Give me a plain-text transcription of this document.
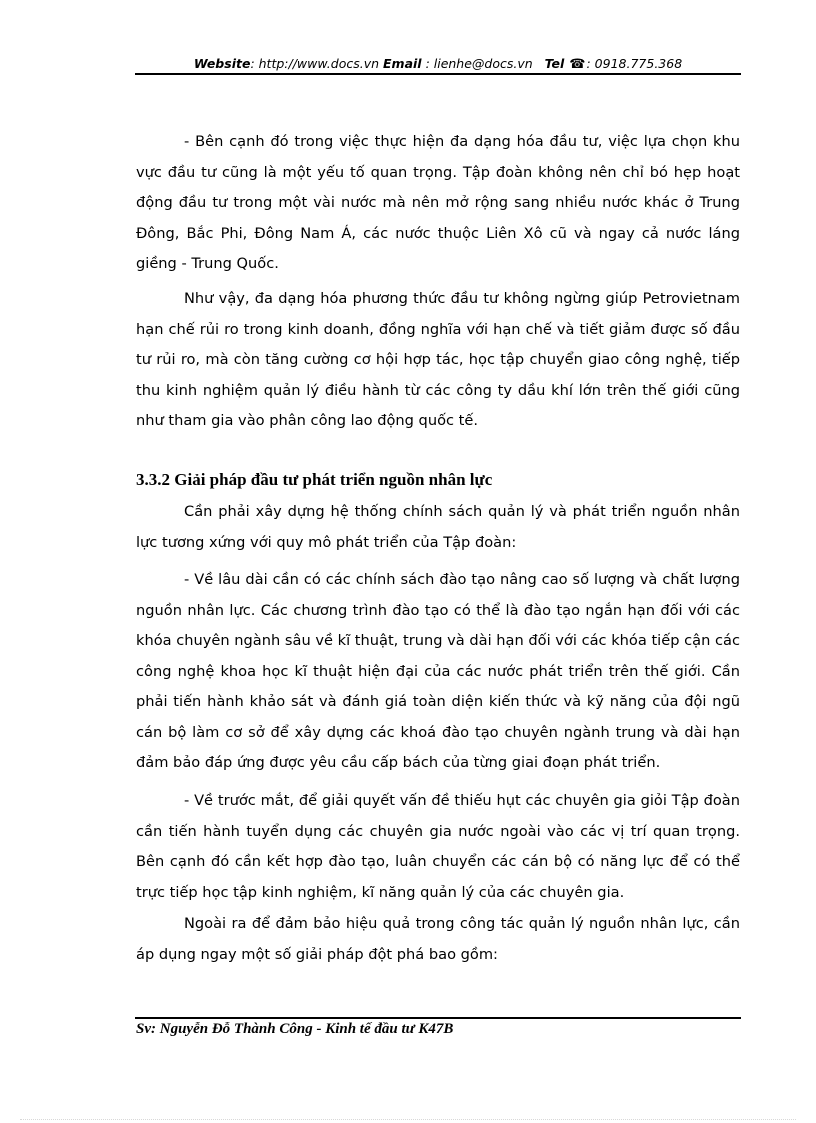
Website: http://www.docs.vn Email : lienhe@docs.vn Tel ☎: 0918.775.368

- Bên cạnh đó trong việc thực hiện đa dạng hóa đầu tư, việc lựa chọn khu vực đầu tư cũng là một yếu tố quan trọng. Tập đoàn không nên chỉ bó hẹp hoạt động đầu tư trong một vài nước mà nên mở rộng sang nhiều nước khác ở Trung Đông, Bắc Phi, Đông Nam Á, các nước thuộc Liên Xô cũ và ngay cả nước láng giềng - Trung Quốc.

Như vậy, đa dạng hóa phương thức đầu tư không ngừng giúp Petrovietnam hạn chế rủi ro trong kinh doanh, đồng nghĩa với hạn chế và tiết giảm được số đầu tư rủi ro, mà còn tăng cường cơ hội hợp tác, học tập chuyển giao công nghệ, tiếp thu kinh nghiệm quản lý điều hành từ các công ty dầu khí lớn trên thế giới cũng như tham gia vào phân công lao động quốc tế.

3.3.2 Giải pháp đầu tư phát triển nguồn nhân lực

Cần phải xây dựng hệ thống chính sách quản lý và phát triển nguồn nhân lực tương xứng với quy mô phát triển của Tập đoàn:

- Về lâu dài cần có các chính sách đào tạo nâng cao số lượng và chất lượng nguồn nhân lực. Các chương trình đào tạo có thể là đào tạo ngắn hạn đối với các khóa chuyên ngành sâu về kĩ thuật, trung và dài hạn đối với các khóa tiếp cận các công nghệ khoa học kĩ thuật hiện đại của các nước phát triển trên thế giới. Cần phải tiến hành khảo sát và đánh giá toàn diện kiến thức và kỹ năng của đội ngũ cán bộ làm cơ sở để xây dựng các khoá đào tạo chuyên ngành trung và dài hạn đảm bảo đáp ứng được yêu cầu cấp bách của từng giai đoạn phát triển.

- Về trước mắt, để giải quyết vấn đề thiếu hụt các chuyên gia giỏi Tập đoàn cần tiến hành tuyển dụng các chuyên gia nước ngoài vào các vị trí quan trọng. Bên cạnh đó cần kết hợp đào tạo, luân chuyển các cán bộ có năng lực để có thể trực tiếp học tập kinh nghiệm, kĩ năng quản lý của các chuyên gia.

Ngoài ra để đảm bảo hiệu quả trong công tác quản lý nguồn nhân lực, cần áp dụng ngay một số giải pháp đột phá bao gồm:

Sv: Nguyễn Đỗ Thành Công - Kinh tế đầu tư K47B
